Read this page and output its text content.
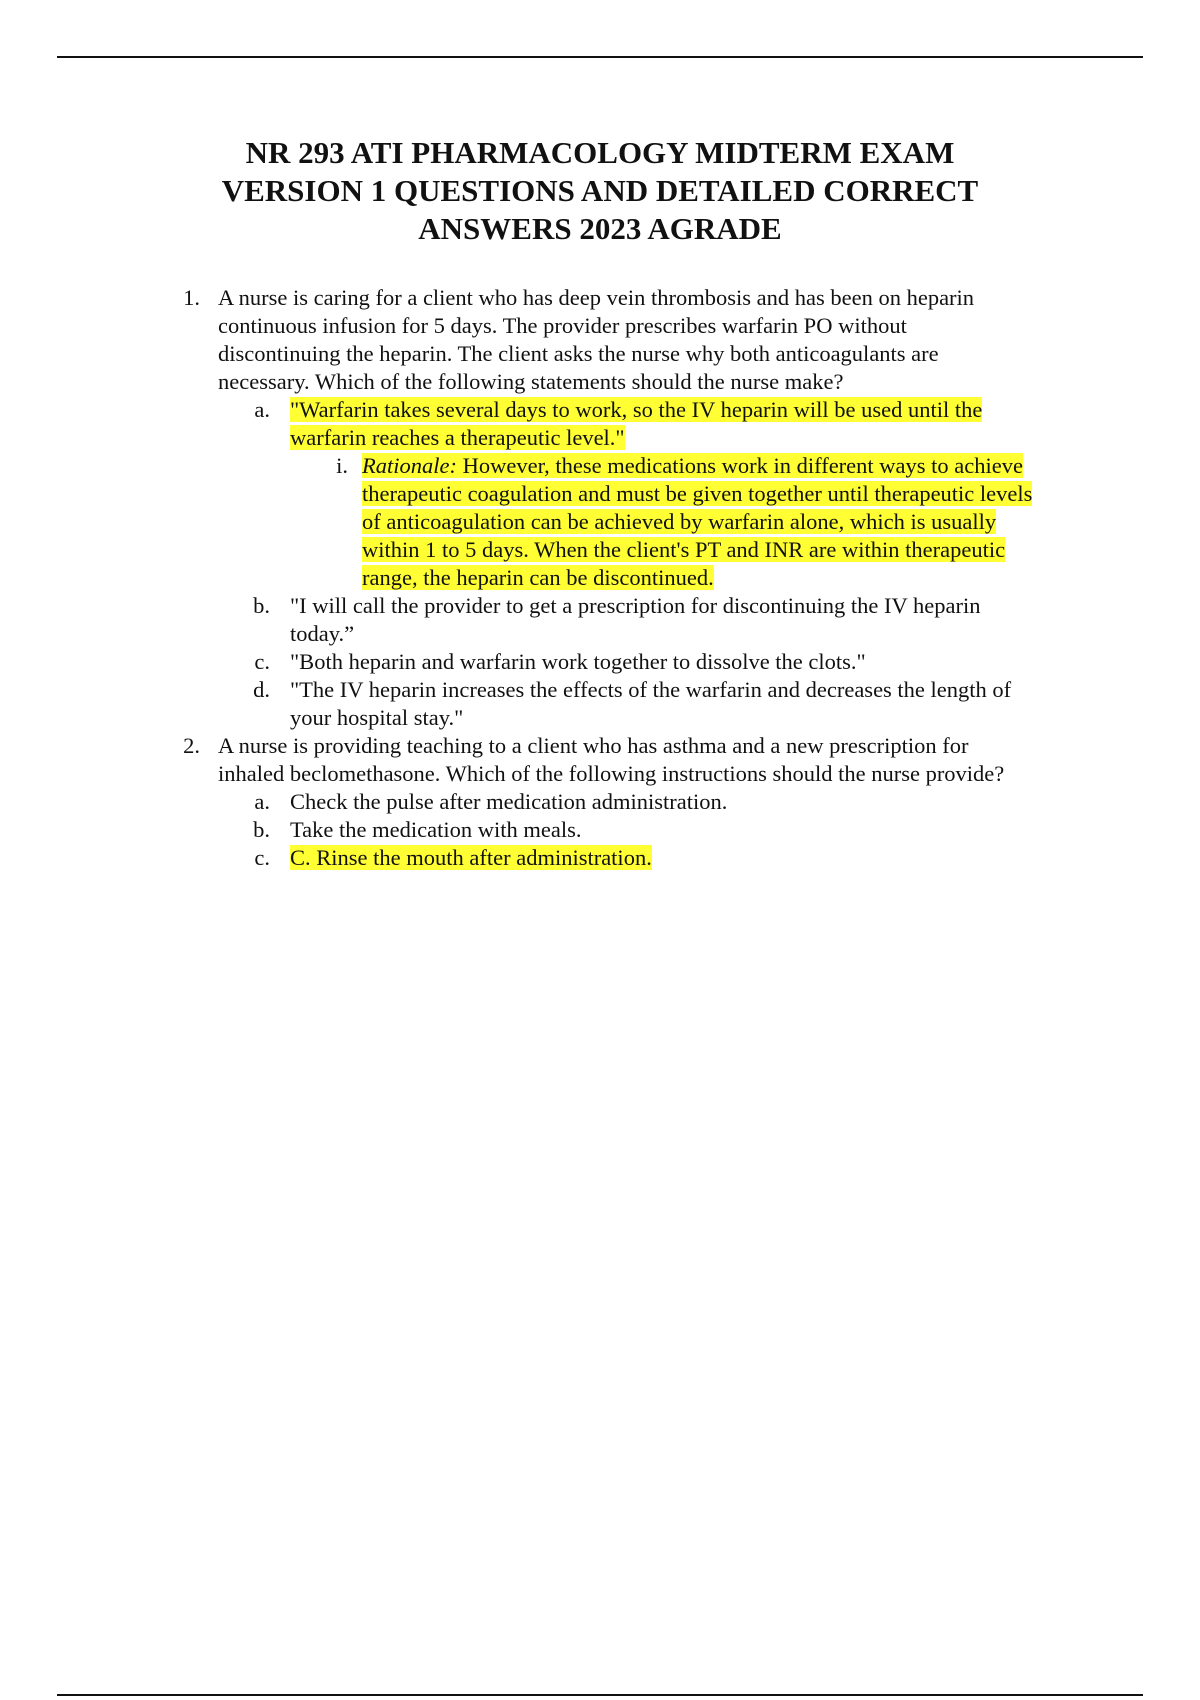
NR 293 ATI PHARMACOLOGY MIDTERM EXAM
VERSION 1 QUESTIONS AND DETAILED CORRECT
ANSWERS 2023 AGRADE
1. A nurse is caring for a client who has deep vein thrombosis and has been on heparin
continuous infusion for 5 days. The provider prescribes warfarin PO without
discontinuing the heparin. The client asks the nurse why both anticoagulants are
necessary. Which of the following statements should the nurse make?
a. "Warfarin takes several days to work, so the IV heparin will be used until the
warfarin reaches a therapeutic level."
i. Rationale: However, these medications work in different ways to achieve
therapeutic coagulation and must be given together until therapeutic levels
of anticoagulation can be achieved by warfarin alone, which is usually
within 1 to 5 days. When the client's PT and INR are within therapeutic
range, the heparin can be discontinued.
b. "I will call the provider to get a prescription for discontinuing the IV heparin
today.”
c. "Both heparin and warfarin work together to dissolve the clots."
d. "The IV heparin increases the effects of the warfarin and decreases the length of
your hospital stay."
2. A nurse is providing teaching to a client who has asthma and a new prescription for
inhaled beclomethasone. Which of the following instructions should the nurse provide?
a. Check the pulse after medication administration.
b. Take the medication with meals.
c. C. Rinse the mouth after administration.
